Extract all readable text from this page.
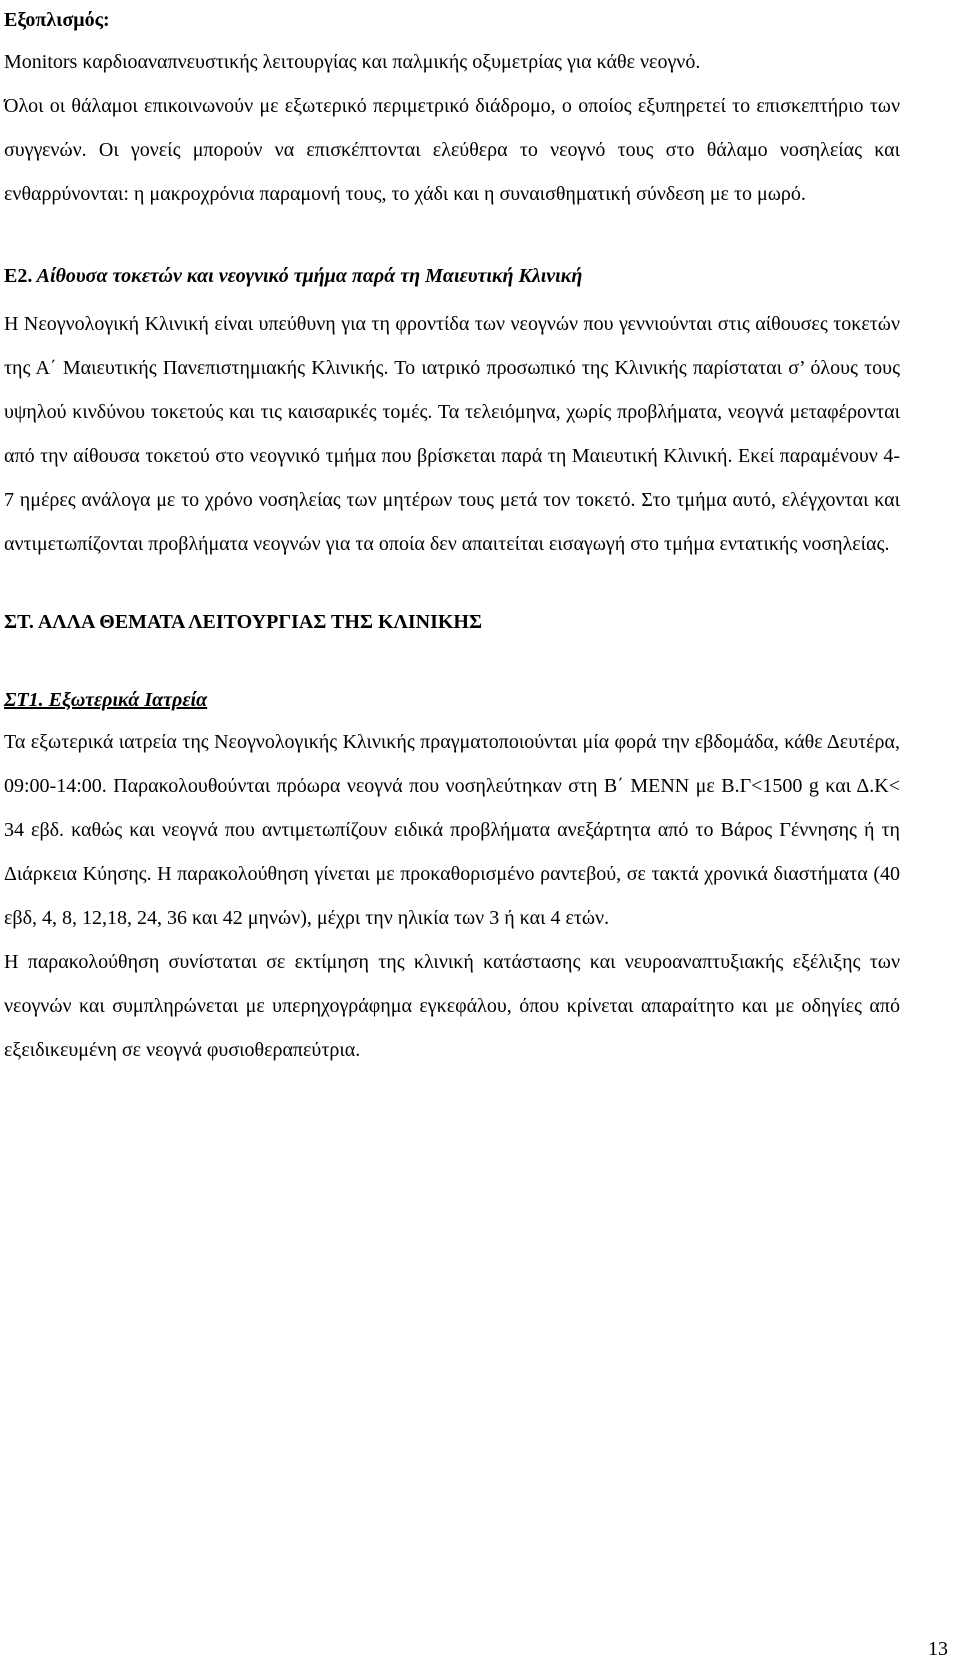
Εξοπλισμός:

Monitors καρδιοαναπνευστικής λειτουργίας και παλμικής οξυμετρίας για κάθε νεογνό.

Όλοι οι θάλαμοι επικοινωνούν με εξωτερικό περιμετρικό διάδρομο, ο οποίος εξυπηρετεί το επισκεπτήριο των συγγενών. Οι γονείς μπορούν να επισκέπτονται ελεύθερα το νεογνό τους στο θάλαμο νοσηλείας και ενθαρρύνονται: η μακροχρόνια παραμονή τους, το χάδι και η συναισθηματική σύνδεση με το μωρό.

Ε2. Αίθουσα τοκετών και νεογνικό τμήμα παρά τη Μαιευτική Κλινική

Η Νεογνολογική Κλινική είναι υπεύθυνη για τη φροντίδα των νεογνών που γεννιούνται στις αίθουσες τοκετών της Α΄ Μαιευτικής Πανεπιστημιακής Κλινικής. Το ιατρικό προσωπικό της Κλινικής παρίσταται σ’ όλους τους υψηλού κινδύνου τοκετούς και τις καισαρικές τομές. Τα τελειόμηνα, χωρίς προβλήματα, νεογνά μεταφέρονται από την αίθουσα τοκετού στο νεογνικό τμήμα που βρίσκεται παρά τη Μαιευτική Κλινική. Εκεί παραμένουν 4-7 ημέρες ανάλογα με το χρόνο νοσηλείας των μητέρων τους μετά τον τοκετό. Στο τμήμα αυτό, ελέγχονται και αντιμετωπίζονται προβλήματα νεογνών για τα οποία δεν απαιτείται εισαγωγή στο τμήμα εντατικής νοσηλείας.

ΣΤ. ΑΛΛΑ ΘΕΜΑΤΑ ΛΕΙΤΟΥΡΓΙΑΣ ΤΗΣ ΚΛΙΝΙΚΗΣ
ΣΤ1. Εξωτερικά Ιατρεία

Τα εξωτερικά ιατρεία της Νεογνολογικής Κλινικής πραγματοποιούνται μία φορά την εβδομάδα, κάθε Δευτέρα, 09:00-14:00. Παρακολουθούνται πρόωρα νεογνά που νοσηλεύτηκαν στη Β΄ ΜΕΝΝ με Β.Γ<1500 g και Δ.Κ< 34 εβδ. καθώς και νεογνά που αντιμετωπίζουν ειδικά προβλήματα ανεξάρτητα από το Βάρος Γέννησης ή τη Διάρκεια Κύησης. Η παρακολούθηση γίνεται με προκαθορισμένο ραντεβού, σε τακτά χρονικά διαστήματα (40 εβδ, 4, 8, 12,18, 24, 36 και 42 μηνών), μέχρι την ηλικία των 3 ή και 4 ετών.

Η παρακολούθηση συνίσταται σε εκτίμηση της κλινική κατάστασης και νευροαναπτυξιακής εξέλιξης των νεογνών και συμπληρώνεται με υπερηχογράφημα εγκεφάλου, όπου κρίνεται απαραίτητο και με οδηγίες από εξειδικευμένη σε νεογνά φυσιοθεραπεύτρια.

13
